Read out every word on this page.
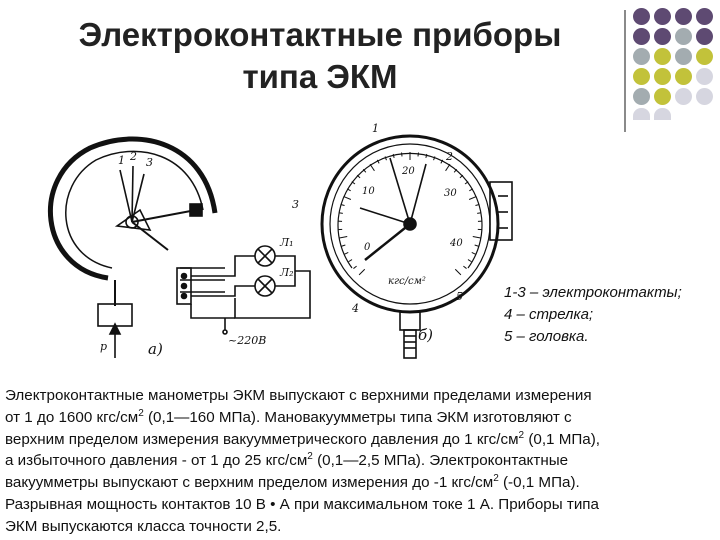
Электроконтактные приборы
типа ЭКМ
1 2 3
Л₁
Л₂
~220В
p	а)
1
2
3
4
5
б)
кгс/см²
0
10
20
30
40
1-3 – электроконтакты;
4 – стрелка;
5 – головка.
Электроконтактные манометры ЭКМ выпускают с верхними пределами измерения
от 1 до 1600 кгс/$см^2$ (0,1—160 МПа). Мановакуумметры типа ЭКМ изготовляют с
верхним пределом измерения вакуумметрического давления до 1 кгс/$см^2$ (0,1 МПа),
а избыточного давления - от 1 до 25 кгс/$см^2$ (0,1—2,5 МПа). Электроконтактные
вакуумметры выпускают с верхним пределом измерения до -1 кгс/$см^2$ (-0,1 МПа).
Разрывная мощность контактов 10 В • А при максимальном токе 1 А. Приборы типа
ЭКМ выпускаются класса точности 2,5.
